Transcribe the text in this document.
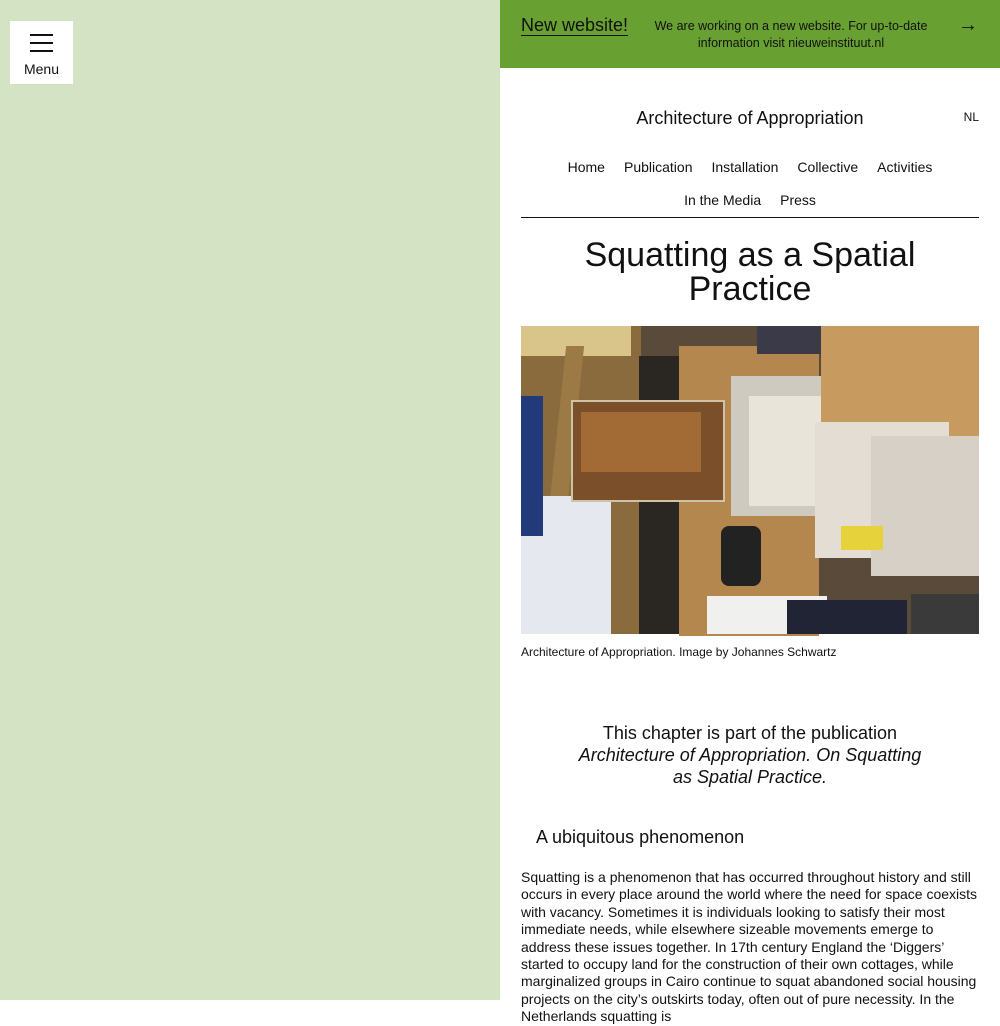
Menu
New website!	We are working on a new website. For up-to-date information visit nieuweinstituut.nl
→
Architecture of Appropriation	NL
Home Publication Installation Collective Activities
In the Media Press
Squatting as a Spatial Practice
Architecture of Appropriation. Image by Johannes Schwartz

This chapter is part of the publication Architecture of Appropriation. On Squatting as Spatial Practice.

A ubiquitous phenomenon

Squatting is a phenomenon that has occurred throughout history and still occurs in every place around the world where the need for space coexists with vacancy. Sometimes it is individuals looking to satisfy their most immediate needs, while elsewhere sizeable movements emerge to address these issues together. In 17th century England the ‘Diggers’ started to occupy land for the construction of their own cottages, while marginalized groups in Cairo continue to squat abandoned social housing projects on the city’s outskirts today, often out of pure necessity. In the Netherlands squatting is
